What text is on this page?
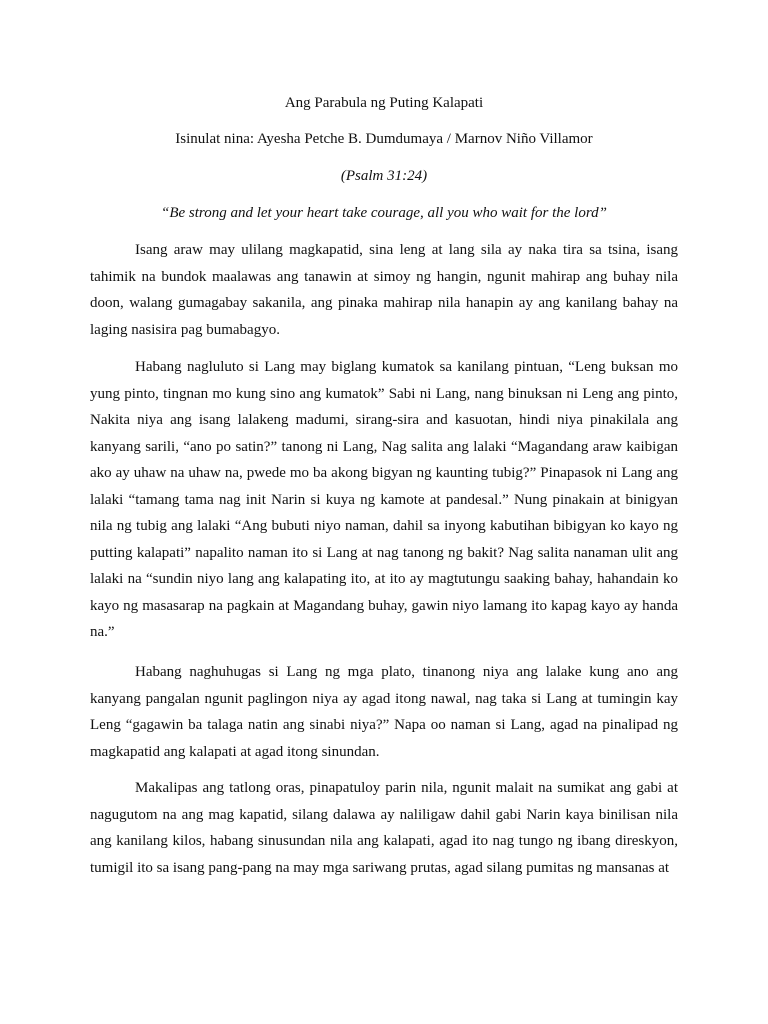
Ang Parabula ng Puting Kalapati
Isinulat nina: Ayesha Petche B. Dumdumaya / Marnov Niño Villamor
(Psalm 31:24)
“Be strong and let your heart take courage, all you who wait for the lord”

Isang araw may ulilang magkapatid, sina leng at lang sila ay naka tira sa tsina, isang tahimik na bundok maalawas ang tanawin at simoy ng hangin, ngunit mahirap ang buhay nila doon, walang gumagabay sakanila, ang pinaka mahirap nila hanapin ay ang kanilang bahay na laging nasisira pag bumabagyo.

Habang nagluluto si Lang may biglang kumatok sa kanilang pintuan, “Leng buksan mo yung pinto, tingnan mo kung sino ang kumatok” Sabi ni Lang, nang binuksan ni Leng ang pinto, Nakita niya ang isang lalakeng madumi, sirang-sira and kasuotan, hindi niya pinakilala ang kanyang sarili, “ano po satin?” tanong ni Lang, Nag salita ang lalaki “Magandang araw kaibigan ako ay uhaw na uhaw na, pwede mo ba akong bigyan ng kaunting tubig?” Pinapasok ni Lang ang lalaki “tamang tama nag init Narin si kuya ng kamote at pandesal.” Nung pinakain at binigyan nila ng tubig ang lalaki “Ang bubuti niyo naman, dahil sa inyong kabutihan bibigyan ko kayo ng putting kalapati” napalito naman ito si Lang at nag tanong ng bakit? Nag salita nanaman ulit ang lalaki na “sundin niyo lang ang kalapating ito, at ito ay magtutungu saaking bahay, hahandain ko kayo ng masasarap na pagkain at Magandang buhay, gawin niyo lamang ito kapag kayo ay handa na.”

Habang naghuhugas si Lang ng mga plato, tinanong niya ang lalake kung ano ang kanyang pangalan ngunit paglingon niya ay agad itong nawal, nag taka si Lang at tumingin kay Leng “gagawin ba talaga natin ang sinabi niya?” Napa oo naman si Lang, agad na pinalipad ng magkapatid ang kalapati at agad itong sinundan.

Makalipas ang tatlong oras, pinapatuloy parin nila, ngunit malait na sumikat ang gabi at nagugutom na ang mag kapatid, silang dalawa ay naliligaw dahil gabi Narin kaya binilisan nila ang kanilang kilos, habang sinusundan nila ang kalapati, agad ito nag tungo ng ibang direskyon, tumigil ito sa isang pang-pang na may mga sariwang prutas, agad silang pumitas ng mansanas at
